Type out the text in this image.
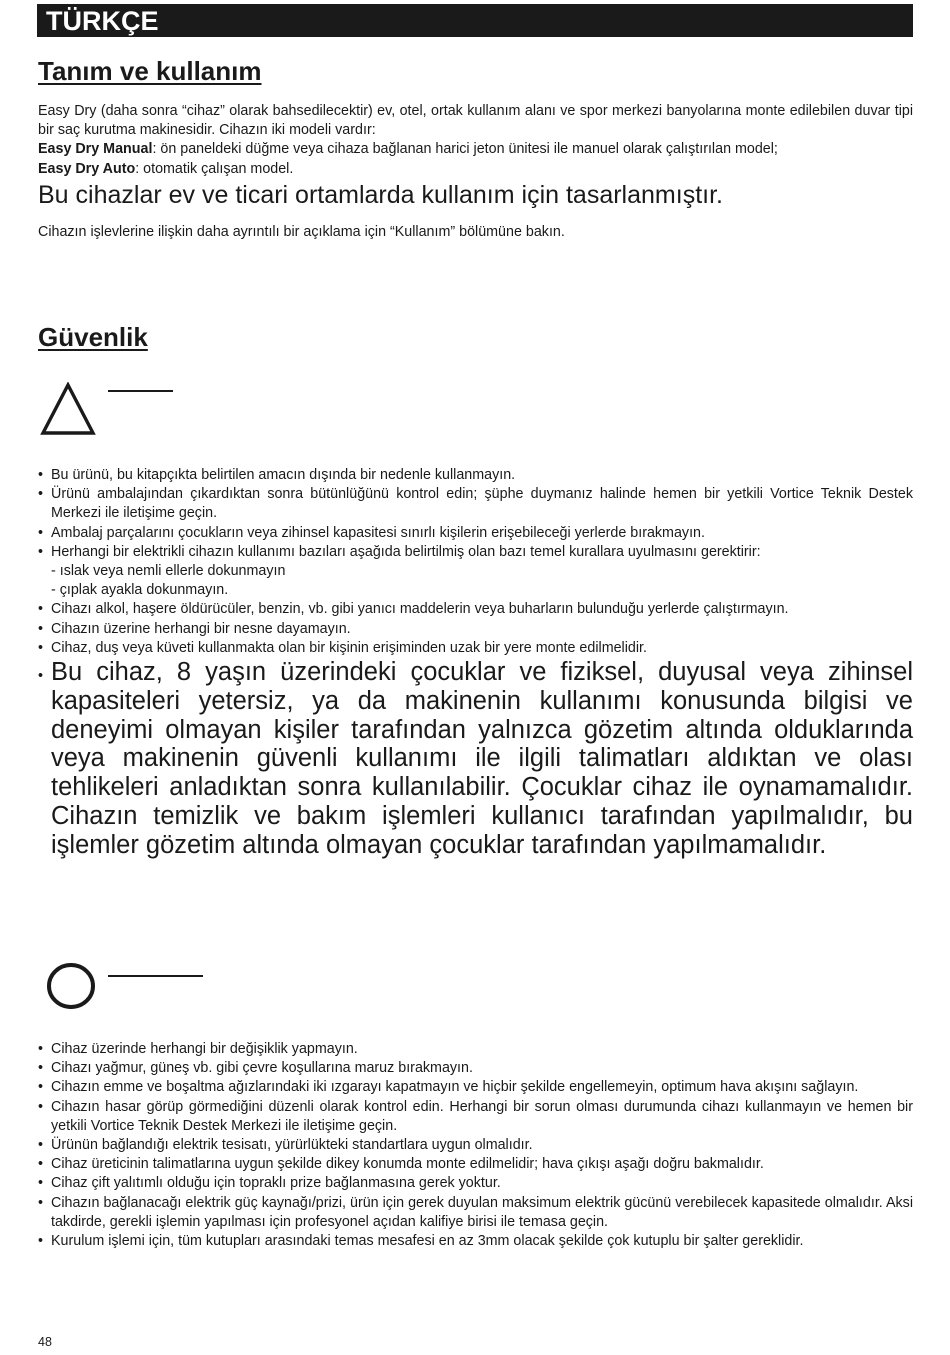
TÜRKÇE
Tanım ve kullanım

Easy Dry (daha sonra “cihaz” olarak bahsedilecektir) ev, otel, ortak kullanım alanı ve spor merkezi banyolarına monte edilebilen duvar tipi bir saç kurutma makinesidir. Cihazın iki modeli vardır:

Easy Dry Manual: ön paneldeki düğme veya cihaza bağlanan harici jeton ünitesi ile manuel olarak çalıştırılan model;

Easy Dry Auto: otomatik çalışan model.

Bu cihazlar ev ve ticari ortamlarda kullanım için tasarlanmıştır.

Cihazın işlevlerine ilişkin daha ayrıntılı bir açıklama için “Kullanım” bölümüne bakın.

Güvenlik
• Bu ürünü, bu kitapçıkta belirtilen amacın dışında bir nedenle kullanmayın.
• Ürünü ambalajından çıkardıktan sonra bütünlüğünü kontrol edin; şüphe duymanız halinde hemen bir yetkili Vortice Teknik Destek Merkezi ile iletişime geçin.
• Ambalaj parçalarını çocukların veya zihinsel kapasitesi sınırlı kişilerin erişebileceği yerlerde bırakmayın.
• Herhangi bir elektrikli cihazın kullanımı bazıları aşağıda belirtilmiş olan bazı temel kurallara uyulmasını gerektirir:
- ıslak veya nemli ellerle dokunmayın
- çıplak ayakla dokunmayın.
• Cihazı alkol, haşere öldürücüler, benzin, vb. gibi yanıcı maddelerin veya buharların bulunduğu yerlerde çalıştırmayın.
• Cihazın üzerine herhangi bir nesne dayamayın.
• Cihaz, duş veya küveti kullanmakta olan bir kişinin erişiminden uzak bir yere monte edilmelidir.
• Bu cihaz, 8 yaşın üzerindeki çocuklar ve fiziksel, duyusal veya zihinsel kapasiteleri yetersiz, ya da makinenin kullanımı konusunda bilgisi ve deneyimi olmayan kişiler tarafından yalnızca gözetim altında olduklarında veya makinenin güvenli kullanımı ile ilgili talimatları aldıktan ve olası tehlikeleri anladıktan sonra kullanılabilir. Çocuklar cihaz ile oynamamalıdır. Cihazın temizlik ve bakım işlemleri kullanıcı tarafından yapılmalıdır, bu işlemler gözetim altında olmayan çocuklar tarafından yapılmamalıdır.
• Cihaz üzerinde herhangi bir değişiklik yapmayın.
• Cihazı yağmur, güneş vb. gibi çevre koşullarına maruz bırakmayın.
• Cihazın emme ve boşaltma ağızlarındaki iki ızgarayı kapatmayın ve hiçbir şekilde engellemeyin, optimum hava akışını sağlayın.
• Cihazın hasar görüp görmediğini düzenli olarak kontrol edin. Herhangi bir sorun olması durumunda cihazı kullanmayın ve hemen bir yetkili Vortice Teknik Destek Merkezi ile iletişime geçin.
• Ürünün bağlandığı elektrik tesisatı, yürürlükteki standartlara uygun olmalıdır.
• Cihaz üreticinin talimatlarına uygun şekilde dikey konumda monte edilmelidir; hava çıkışı aşağı doğru bakmalıdır.
• Cihaz çift yalıtımlı olduğu için topraklı prize bağlanmasına gerek yoktur.
• Cihazın bağlanacağı elektrik güç kaynağı/prizi, ürün için gerek duyulan maksimum elektrik gücünü verebilecek kapasitede olmalıdır. Aksi takdirde, gerekli işlemin yapılması için profesyonel açıdan kalifiye birisi ile temasa geçin.
• Kurulum işlemi için, tüm kutupları arasındaki temas mesafesi en az 3mm olacak şekilde çok kutuplu bir şalter gereklidir.
48
